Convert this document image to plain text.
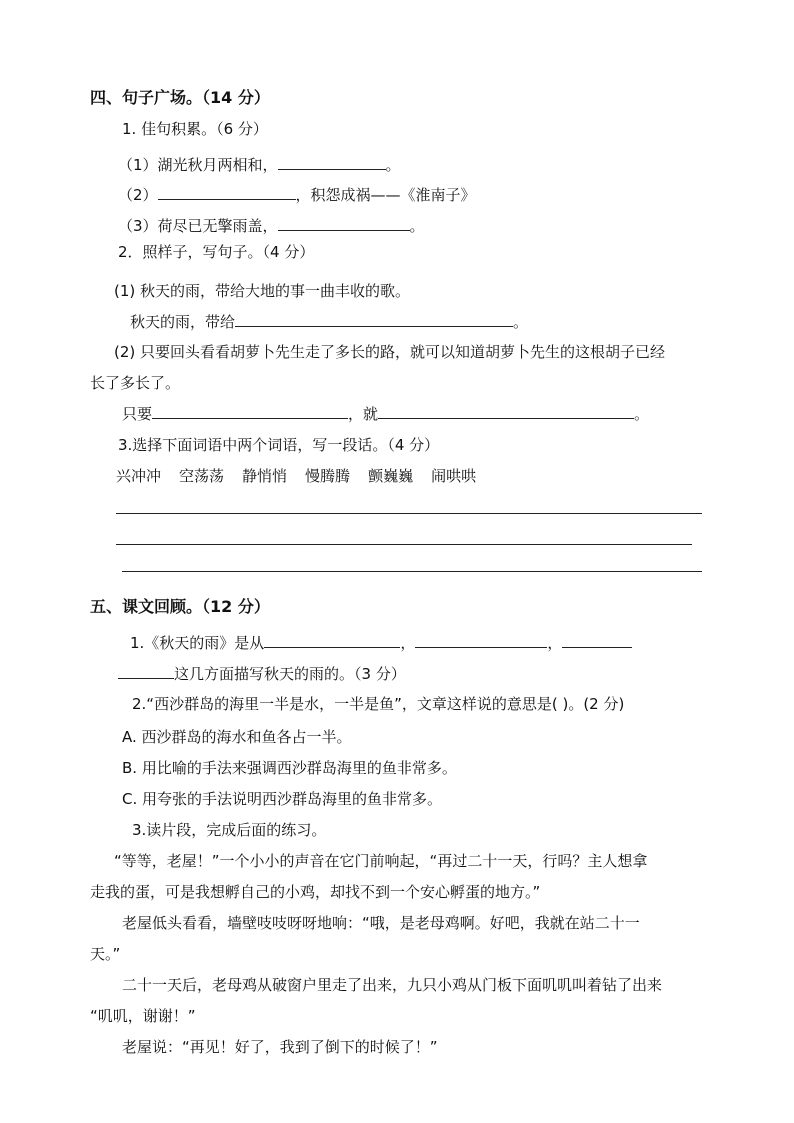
四、句子广场。（14 分）
1. 佳句积累。（6 分）
（1）湖光秋月两相和，	。
（2）	，积怨成祸——《淮南子》
（3）荷尽已无擎雨盖，	。
2．照样子，写句子。（4 分）
(1) 秋天的雨，带给大地的事一曲丰收的歌。
秋天的雨，带给	。
(2) 只要回头看看胡萝卜先生走了多长的路，就可以知道胡萝卜先生的这根胡子已经
长了多长了。
只要	，就	。
3.选择下面词语中两个词语，写一段话。（4 分）
兴冲冲 空荡荡 静悄悄 慢腾腾 颤巍巍 闹哄哄
五、课文回顾。（12 分）
1.《秋天的雨》是从	，	，
这几方面描写秋天的雨的。（3 分）
2.“西沙群岛的海里一半是水，一半是鱼”，文章这样说的意思是( )。(2 分)
A. 西沙群岛的海水和鱼各占一半。
B. 用比喻的手法来强调西沙群岛海里的鱼非常多。
C. 用夸张的手法说明西沙群岛海里的鱼非常多。
3.读片段，完成后面的练习。
“等等，老屋！”一个小小的声音在它门前响起，“再过二十一天，行吗？主人想拿
走我的蛋，可是我想孵自己的小鸡，却找不到一个安心孵蛋的地方。”
老屋低头看看，墙壁吱吱呀呀地响：“哦，是老母鸡啊。好吧，我就在站二十一
天。”
二十一天后，老母鸡从破窗户里走了出来，九只小鸡从门板下面叽叽叫着钻了出来
“叽叽，谢谢！”
老屋说：“再见！好了，我到了倒下的时候了！”
